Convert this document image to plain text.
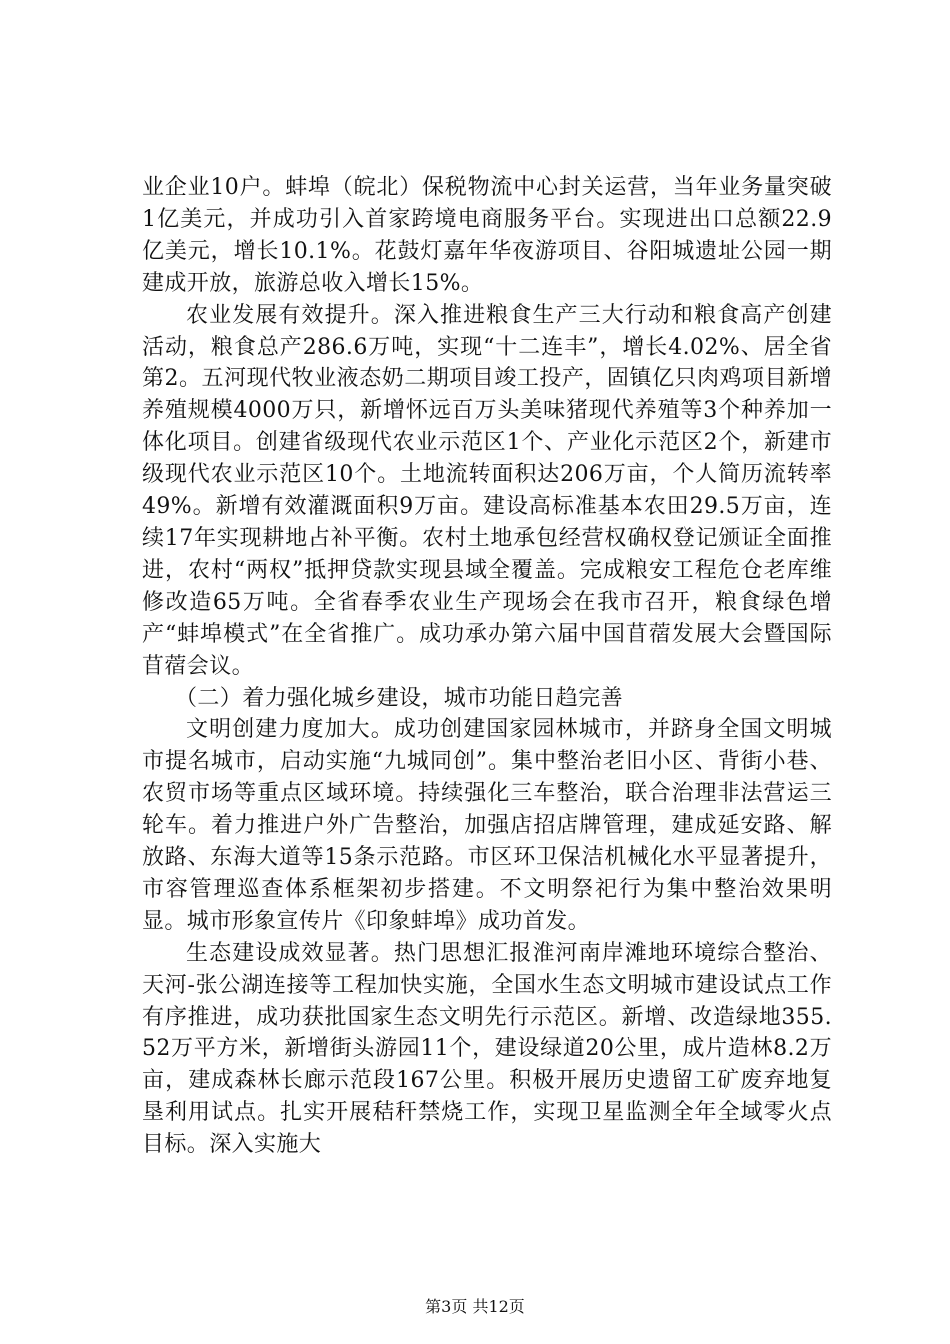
业企业10户。蚌埠（皖北）保税物流中心封关运营，当年业务量突破1亿美元，并成功引入首家跨境电商服务平台。实现进出口总额22.9亿美元，增长10.1%。花鼓灯嘉年华夜游项目、谷阳城遗址公园一期建成开放，旅游总收入增长15%。

农业发展有效提升。深入推进粮食生产三大行动和粮食高产创建活动，粮食总产286.6万吨，实现“十二连丰”，增长4.02%、居全省第2。五河现代牧业液态奶二期项目竣工投产，固镇亿只肉鸡项目新增养殖规模4000万只，新增怀远百万头美味猪现代养殖等3个种养加一体化项目。创建省级现代农业示范区1个、产业化示范区2个，新建市级现代农业示范区10个。土地流转面积达206万亩，个人简历流转率49%。新增有效灌溉面积9万亩。建设高标准基本农田29.5万亩，连续17年实现耕地占补平衡。农村土地承包经营权确权登记颁证全面推进，农村“两权”抵押贷款实现县域全覆盖。完成粮安工程危仓老库维修改造65万吨。全省春季农业生产现场会在我市召开，粮食绿色增产“蚌埠模式”在全省推广。成功承办第六届中国苜蓿发展大会暨国际苜蓿会议。

（二）着力强化城乡建设，城市功能日趋完善

文明创建力度加大。成功创建国家园林城市，并跻身全国文明城市提名城市，启动实施“九城同创”。集中整治老旧小区、背街小巷、农贸市场等重点区域环境。持续强化三车整治，联合治理非法营运三轮车。着力推进户外广告整治，加强店招店牌管理，建成延安路、解放路、东海大道等15条示范路。市区环卫保洁机械化水平显著提升，市容管理巡查体系框架初步搭建。不文明祭祀行为集中整治效果明显。城市形象宣传片《印象蚌埠》成功首发。

生态建设成效显著。热门思想汇报淮河南岸滩地环境综合整治、天河-张公湖连接等工程加快实施，全国水生态文明城市建设试点工作有序推进，成功获批国家生态文明先行示范区。新增、改造绿地355.52万平方米，新增街头游园11个，建设绿道20公里，成片造林8.2万亩，建成森林长廊示范段167公里。积极开展历史遗留工矿废弃地复垦利用试点。扎实开展秸秆禁烧工作，实现卫星监测全年全域零火点目标。深入实施大

第3页 共12页
